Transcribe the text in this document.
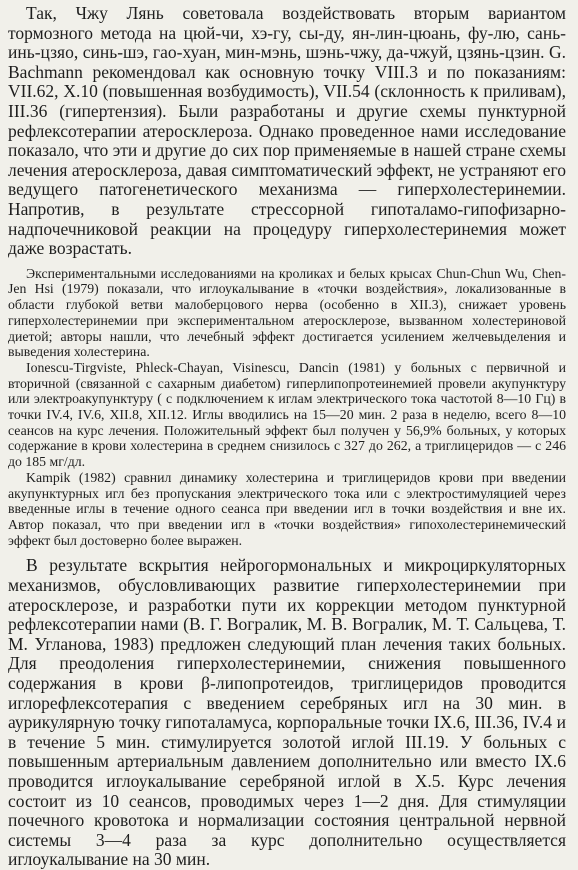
Так, Чжу Лянь советовала воздействовать вторым вариантом тормозного метода на цюй-чи, хэ-гу, сы-ду, ян-лин-цюань, фу-лю, сань-инь-цзяо, синь-шэ, гао-хуан, мин-мэнь, шэнь-чжу, да-чжуй, цзянь-цзин. G. Bachmann рекомендовал как основную точку VIII.3 и по показаниям: VII.62, X.10 (повышенная возбудимость), VII.54 (склонность к приливам), III.36 (гипертензия). Были разработаны и другие схемы пунктурной рефлексотерапии атеросклероза. Однако проведенное нами исследование показало, что эти и другие до сих пор применяемые в нашей стране схемы лечения атеросклероза, давая симптоматический эффект, не устраняют его ведущего патогенетического механизма — гиперхолестеринемии. Напротив, в результате стрессорной гипоталамо-гипофизарно-надпочечниковой реакции на процедуру гиперхолестеринемия может даже возрастать.

Экспериментальными исследованиями на кроликах и белых крысах Chun-Chun Wu, Chen-Jen Hsi (1979) показали, что иглоукалывание в «точки воздействия», локализованные в области глубокой ветви малоберцового нерва (особенно в XII.3), снижает уровень гиперхолестеринемии при экспериментальном атеросклерозе, вызванном холестериновой диетой; авторы нашли, что лечебный эффект достигается усилением желчевыделения и выведения холестерина.

Ionescu-Tirgviste, Phleck-Chayan, Visinescu, Dancin (1981) у больных с первичной и вторичной (связанной с сахарным диабетом) гиперлипопротеинемией провели акупунктуру или электроакупунктуру ( с подключением к иглам электрического тока частотой 8—10 Гц) в точки IV.4, IV.6, XII.8, XII.12. Иглы вводились на 15—20 мин. 2 раза в неделю, всего 8—10 сеансов на курс лечения. Положительный эффект был получен у 56,9% больных, у которых содержание в крови холестерина в среднем снизилось с 327 до 262, а триглицеридов — с 246 до 185 мг/дл.

Kampik (1982) сравнил динамику холестерина и триглицеридов крови при введении акупунктурных игл без пропускания электрического тока или с электростимуляцией через введенные иглы в течение одного сеанса при введении игл в точки воздействия и вне их. Автор показал, что при введении игл в «точки воздействия» гипохолестеринемический эффект был достоверно более выражен.

В результате вскрытия нейрогормональных и микроциркуляторных механизмов, обусловливающих развитие гиперхолестеринемии при атеросклерозе, и разработки пути их коррекции методом пунктурной рефлексотерапии нами (В. Г. Вогралик, М. В. Вогралик, М. Т. Сальцева, Т. М. Угланова, 1983) предложен следующий план лечения таких больных. Для преодоления гиперхолестеринемии, снижения повышенного содержания в крови β-липопротеидов, триглицеридов проводится иглорефлексотерапия с введением серебряных игл на 30 мин. в аурикулярную точку гипоталамуса, корпоральные точки IX.6, III.36, IV.4 и в течение 5 мин. стимулируется золотой иглой III.19. У больных с повышенным артериальным давлением дополнительно или вместо IX.6 проводится иглоукалывание серебряной иглой в X.5. Курс лечения состоит из 10 сеансов, проводимых через 1—2 дня. Для стимуляции почечного кровотока и нормализации состояния центральной нервной системы 3—4 раза за курс дополнительно осуществляется иглоукалывание на 30 мин.
